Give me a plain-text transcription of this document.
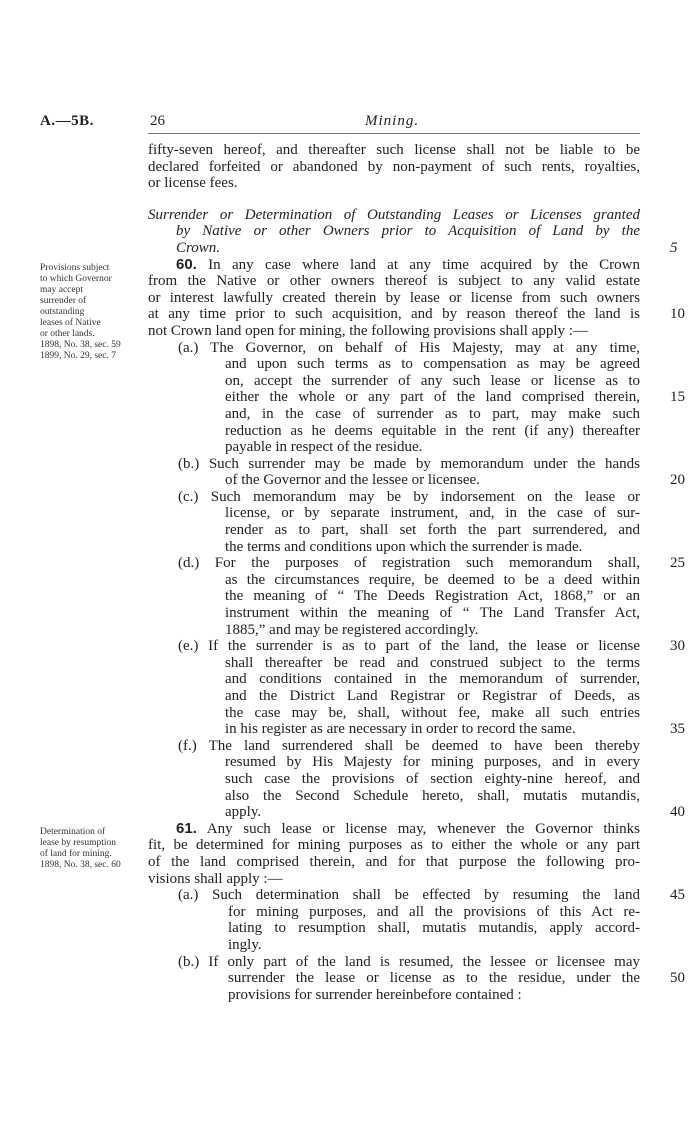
A.—5B.	26	Mining.
Provisions subject
to which Governor
may accept
surrender of
outstanding
leases of Native
or other lands.
1898, No. 38, sec. 59
1899, No. 29, sec. 7
Determination of
lease by resumption
of land for mining.
1898, No. 38, sec. 60
fifty-seven hereof, and thereafter such license shall not be liable to be
declared forfeited or abandoned by non-payment of such rents, royalties,
or license fees.
Surrender or Determination of Outstanding Leases or Licenses granted
by Native or other Owners prior to Acquisition of Land by the
Crown.	5
60. In any case where land at any time acquired by the Crown
from the Native or other owners thereof is subject to any valid estate
or interest lawfully created therein by lease or license from such owners
at any time prior to such acquisition, and by reason thereof the land is 10
not Crown land open for mining, the following provisions shall apply :—
(a.) The Governor, on behalf of His Majesty, may at any time,
and upon such terms as to compensation as may be agreed
on, accept the surrender of any such lease or license as to
either the whole or any part of the land comprised therein, 15
and, in the case of surrender as to part, may make such
reduction as he deems equitable in the rent (if any) thereafter
payable in respect of the residue.
(b.) Such surrender may be made by memorandum under the hands
of the Governor and the lessee or licensee.	20
(c.) Such memorandum may be by indorsement on the lease or
license, or by separate instrument, and, in the case of sur-
render as to part, shall set forth the part surrendered, and
the terms and conditions upon which the surrender is made.
(d.) For the purposes of registration such memorandum shall, 25
as the circumstances require, be deemed to be a deed within
the meaning of “ The Deeds Registration Act, 1868,” or an
instrument within the meaning of “ The Land Transfer Act,
1885,” and may be registered accordingly.
(e.) If the surrender is as to part of the land, the lease or license 30
shall thereafter be read and construed subject to the terms
and conditions contained in the memorandum of surrender,
and the District Land Registrar or Registrar of Deeds, as
the case may be, shall, without fee, make all such entries
in his register as are necessary in order to record the same.	35
(f.) The land surrendered shall be deemed to have been thereby
resumed by His Majesty for mining purposes, and in every
such case the provisions of section eighty-nine hereof, and
also the Second Schedule hereto, shall, mutatis mutandis,
apply.	40
61. Any such lease or license may, whenever the Governor thinks
fit, be determined for mining purposes as to either the whole or any part
of the land comprised therein, and for that purpose the following pro-
visions shall apply :—
(a.) Such determination shall be effected by resuming the land 45
for mining purposes, and all the provisions of this Act re-
lating to resumption shall, mutatis mutandis, apply accord-
ingly.
(b.) If only part of the land is resumed, the lessee or licensee may
surrender the lease or license as to the residue, under the 50
provisions for surrender hereinbefore contained :
